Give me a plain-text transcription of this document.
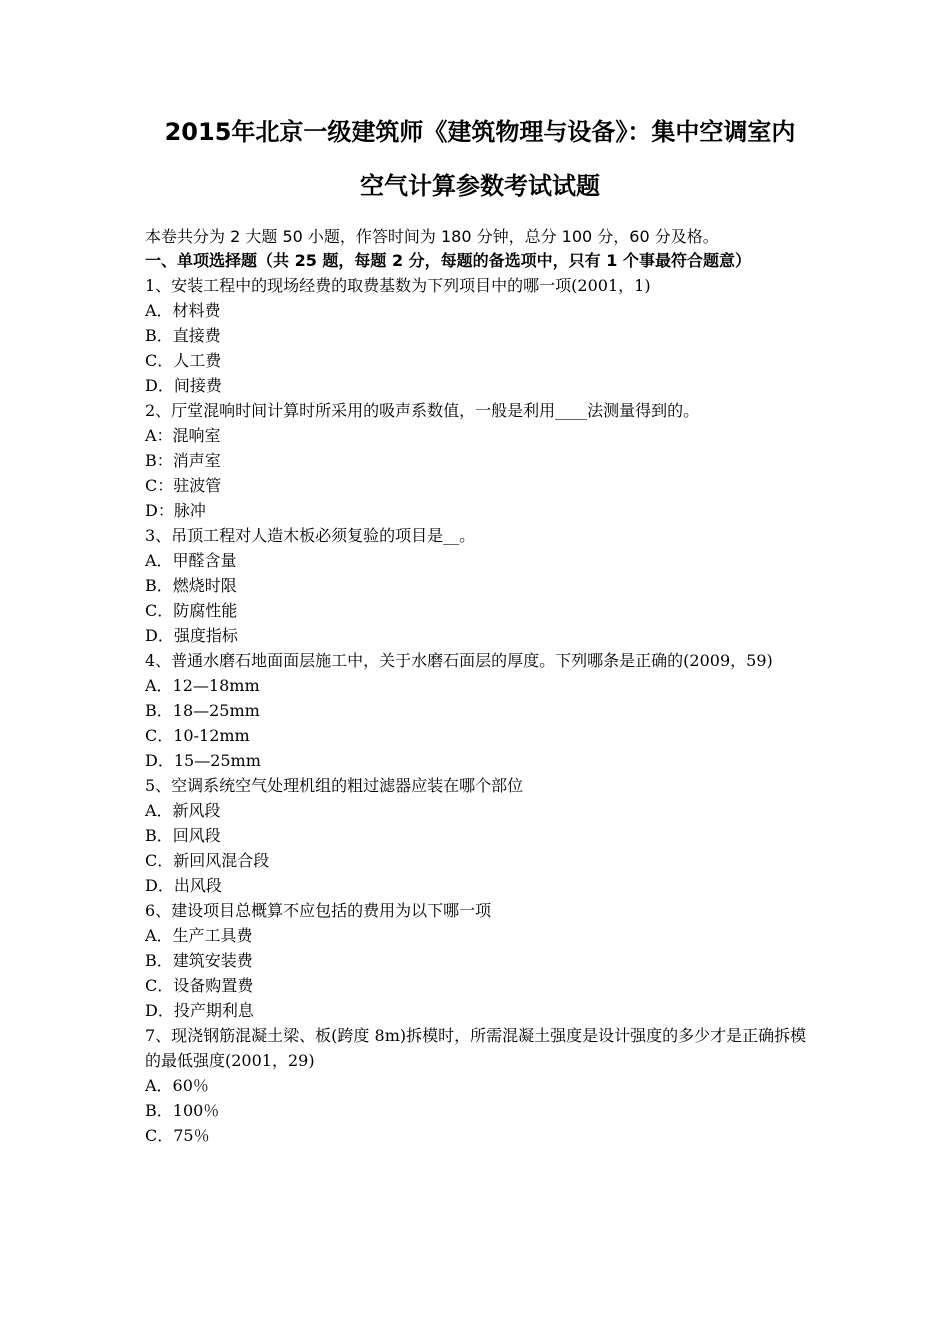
2015年北京一级建筑师《建筑物理与设备》：集中空调室内
空气计算参数考试试题
本卷共分为 2 大题 50 小题，作答时间为 180 分钟，总分 100 分，60 分及格。
一、单项选择题（共 25 题，每题 2 分，每题的备选项中，只有 1 个事最符合题意）
1、安装工程中的现场经费的取费基数为下列项目中的哪一项(2001，1)
A．材料费
B．直接费
C．人工费
D．间接费
2、厅堂混响时间计算时所采用的吸声系数值，一般是利用____法测量得到的。
A：混响室
B：消声室
C：驻波管
D：脉冲
3、吊顶工程对人造木板必须复验的项目是__。
A．甲醛含量
B．燃烧时限
C．防腐性能
D．强度指标
4、普通水磨石地面面层施工中，关于水磨石面层的厚度。下列哪条是正确的(2009，59)
A．12—18mm
B．18—25mm
C．10-12mm
D．15—25mm
5、空调系统空气处理机组的粗过滤器应装在哪个部位
A．新风段
B．回风段
C．新回风混合段
D．出风段
6、建设项目总概算不应包括的费用为以下哪一项
A．生产工具费
B．建筑安装费
C．设备购置费
D．投产期利息
7、现浇钢筋混凝土梁、板(跨度 8m)拆模时，所需混凝土强度是设计强度的多少才是正确拆模的最低强度(2001，29)
A．60％
B．100％
C．75％
